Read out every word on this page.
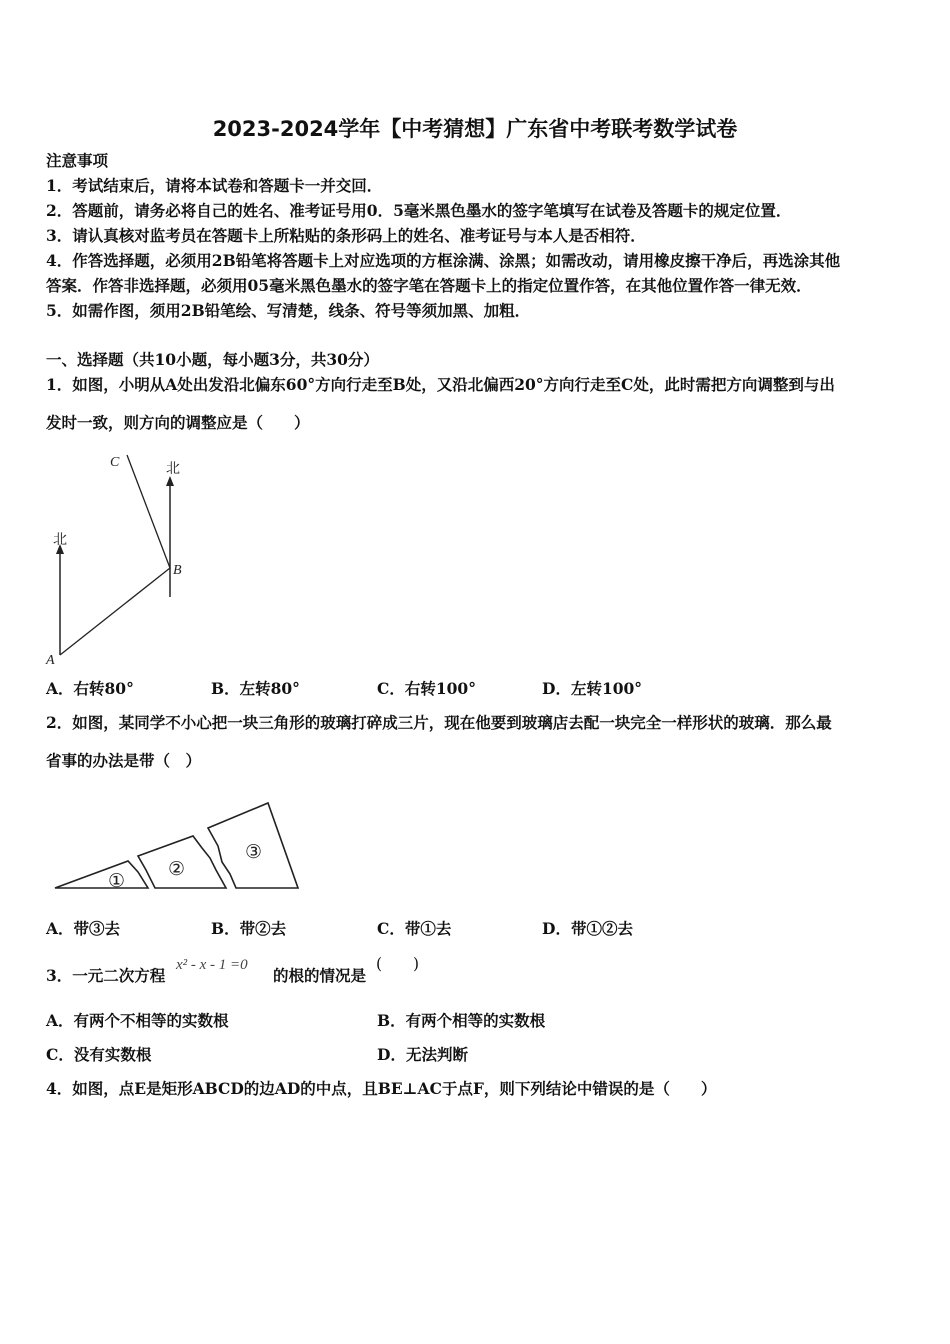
2023-2024学年【中考猜想】广东省中考联考数学试卷
注意事项
1．考试结束后，请将本试卷和答题卡一并交回．
2．答题前，请务必将自己的姓名、准考证号用0．5毫米黑色墨水的签字笔填写在试卷及答题卡的规定位置．
3．请认真核对监考员在答题卡上所粘贴的条形码上的姓名、准考证号与本人是否相符．
4．作答选择题，必须用2B铅笔将答题卡上对应选项的方框涂满、涂黑；如需改动，请用橡皮擦干净后，再选涂其他
答案．作答非选择题，必须用05毫米黑色墨水的签字笔在答题卡上的指定位置作答，在其他位置作答一律无效．
5．如需作图，须用2B铅笔绘、写清楚，线条、符号等须加黑、加粗．
一、选择题（共10小题，每小题3分，共30分）
1．如图，小明从A处出发沿北偏东60°方向行走至B处，又沿北偏西20°方向行走至C处，此时需把方向调整到与出
发时一致，则方向的调整应是（　　）
北
北
A
B
C
A．右转80°	B．左转80°	C．右转100°	D．左转100°
2．如图，某同学不小心把一块三角形的玻璃打碎成三片，现在他要到玻璃店去配一块完全一样形状的玻璃．那么最
省事的办法是带（　）
①
②
③
A．带③去	B．带②去	C．带①去	D．带①②去
3．一元二次方程
x² - x - 1 =0
的根的情况是
(　　)
A．有两个不相等的实数根	B．有两个相等的实数根
C．没有实数根	D．无法判断
4．如图，点E是矩形ABCD的边AD的中点，且BE⊥AC于点F，则下列结论中错误的是（　　）
